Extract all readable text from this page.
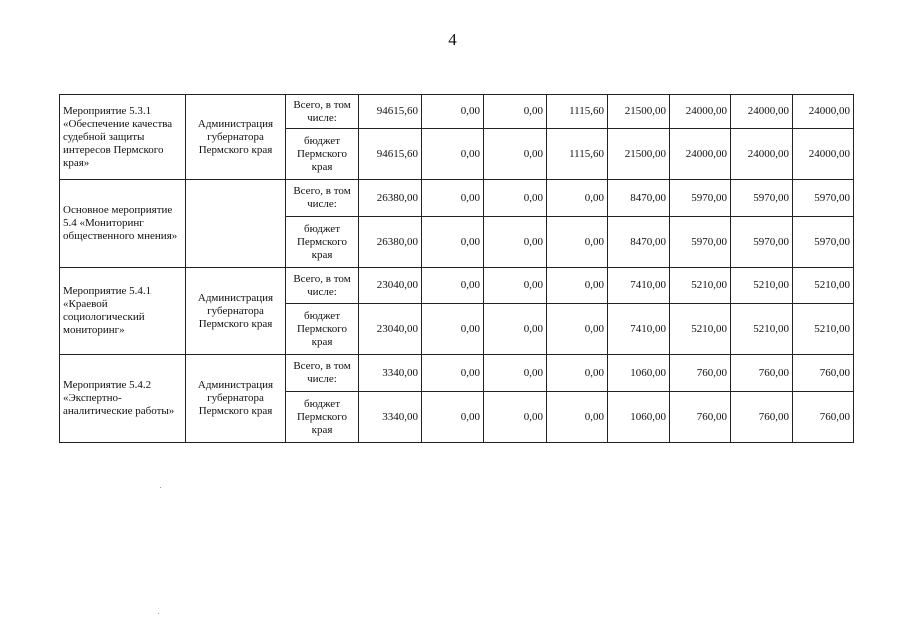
4
Мероприятие 5.3.1 «Обеспечение качества судебной защиты интересов Пермского края»	Администрация губернатора Пермского края	Всего, в том числе:	94615,60	0,00	0,00	1115,60	21500,00	24000,00	24000,00	24000,00
		бюджет Пермского края	94615,60	0,00	0,00	1115,60	21500,00	24000,00	24000,00	24000,00
Основное мероприятие 5.4 «Мониторинг общественного мнения»		Всего, в том числе:	26380,00	0,00	0,00	0,00	8470,00	5970,00	5970,00	5970,00
		бюджет Пермского края	26380,00	0,00	0,00	0,00	8470,00	5970,00	5970,00	5970,00
Мероприятие 5.4.1 «Краевой социологический мониторинг»	Администрация губернатора Пермского края	Всего, в том числе:	23040,00	0,00	0,00	0,00	7410,00	5210,00	5210,00	5210,00
		бюджет Пермского края	23040,00	0,00	0,00	0,00	7410,00	5210,00	5210,00	5210,00
Мероприятие 5.4.2 «Экспертно-аналитические работы»	Администрация губернатора Пермского края	Всего, в том числе:	3340,00	0,00	0,00	0,00	1060,00	760,00	760,00	760,00
		бюджет Пермского края	3340,00	0,00	0,00	0,00	1060,00	760,00	760,00	760,00
